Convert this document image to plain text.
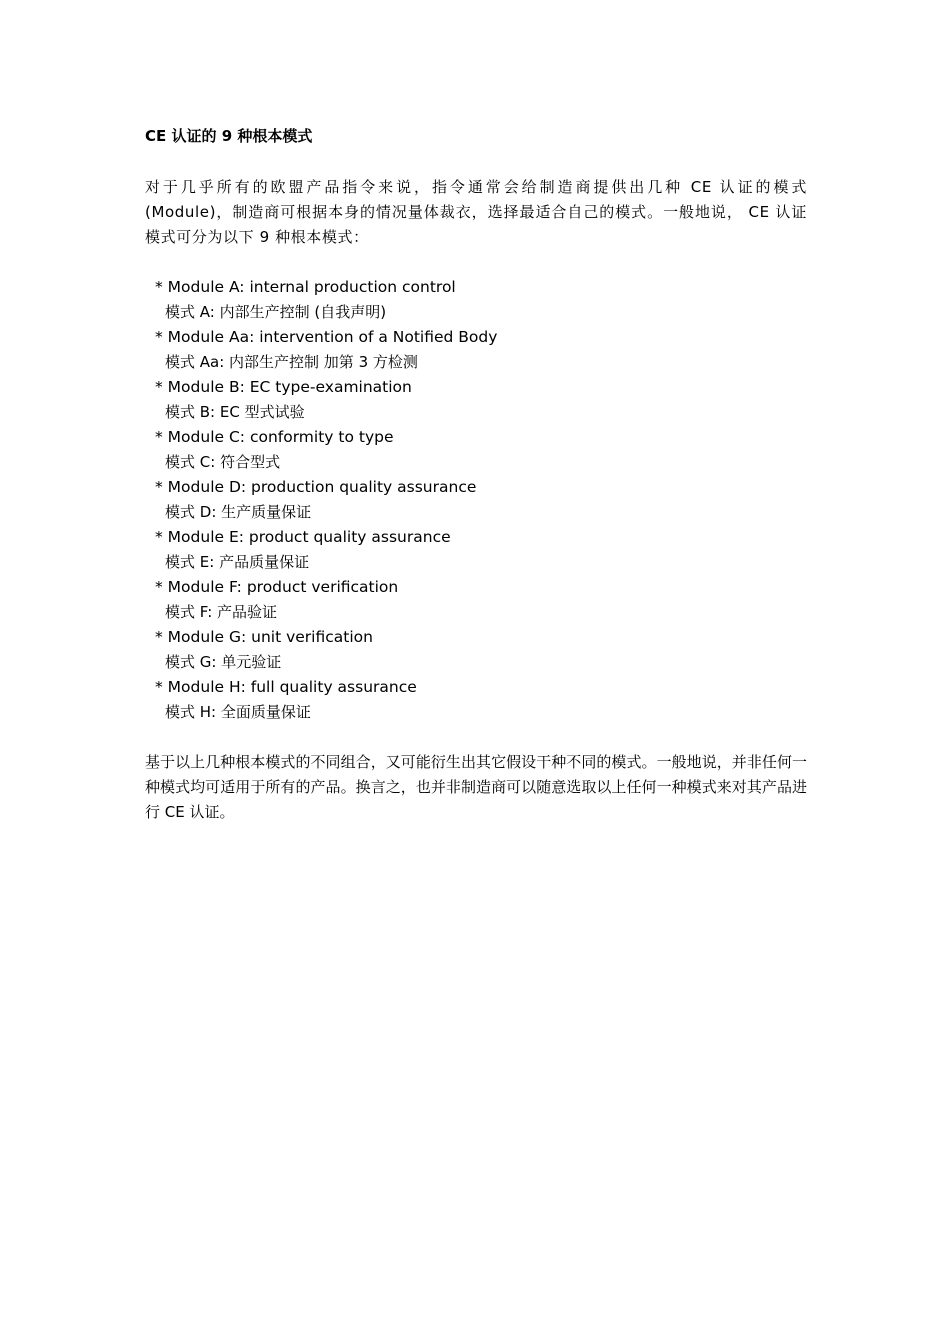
CE 认证的 9 种根本模式

对于几乎所有的欧盟产品指令来说，指令通常会给制造商提供出几种 CE 认证的模式 (Module)，制造商可根据本身的情况量体裁衣，选择最适合自己的模式。一般地说， CE 认证模式可分为以下 9 种根本模式：

* Module A: internal production control
模式 A: 内部生产控制 (自我声明)
* Module Aa: intervention of a Notified Body
模式 Aa: 内部生产控制 加第 3 方检测
* Module B: EC type-examination
模式 B: EC 型式试验
* Module C: conformity to type
模式 C: 符合型式
* Module D: production quality assurance
模式 D: 生产质量保证
* Module E: product quality assurance
模式 E: 产品质量保证
* Module F: product verification
模式 F: 产品验证
* Module G: unit verification
模式 G: 单元验证
* Module H: full quality assurance
模式 H: 全面质量保证

基于以上几种根本模式的不同组合，又可能衍生出其它假设干种不同的模式。一般地说，并非任何一种模式均可适用于所有的产品。换言之，也并非制造商可以随意选取以上任何一种模式来对其产品进行 CE 认证。
